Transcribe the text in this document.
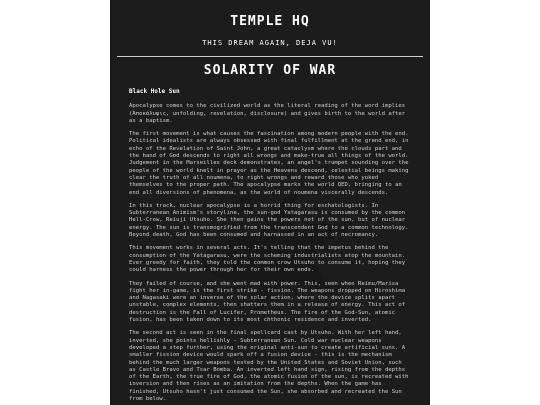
TEMPLE HQ
THIS DREAM AGAIN, DEJA VU!
SOLARITY OF WAR
Black Hole Sun

Apocalypse comes to the civilized world as the literal reading of the word implies (Ἀποκάλυψις, unfolding, revelation, disclosure) and gives birth to the world after as a baptism.

The first movement is what causes the fascination among modern people with the end. Political idealists are always obsessed with final fulfillment at the grand end, in echo of the Revelation of Saint John, a great cataclysm where the clouds part and the hand of God descends to right all wrongs and make-true all things of the world. Judgement in the Marseilles deck demonstrates, an angel's trumpet sounding over the people of the world knelt in prayer as the Heavens descend, celestial beings making clear the truth of all noumena, to right wrongs and reward those who yoked themselves to the proper path. The apocalypse marks the world QED, bringing to an end all diversions of phenomena, as the world of noumena viscerally descends.

In this track, nuclear apocalypse is a horrid thing for eschatologists. In Subterranean Animism's storyline, the sun-god Yatagarasu is consumed by the common Hell-Crow, Reiuji Utsuho. She then gains the powers not of the sun, but of nuclear energy. The sun is transmogrified from the transcendent God to a common technology. Beyond death, God has been consumed and harnassed in an act of necromancy.

This movement works in several acts. It's telling that the impetus behind the consumption of the Yatagarasu, were the scheming industrialists atop the mountain. Ever greedy for faith, they told the common crow Utsuho to consume it, hoping they could harness the power through her for their own ends.

They failed of course, and she went mad with power. This, seen when Reimu/Marisa fight her in-game, is the first strike - fission. The weapons dropped on Hiroshima and Nagasaki were an inverse of the solar action, where the device splits apart unstable, complex elements, then shatters them in a release of energy. This act of destruction is the Fall of Lucifer, Prometheus. The fire of the God-Sun, atomic fusion, has been taken down to its most chthonic residence and inverted.

The second act is seen in the final spellcard cast by Utsuho. With her left hand, inverted, she points hellishly - Subterranean Sun. Cold war nuclear weapons developed a step further, using the original anti-sun to create artificial suns. A smaller fission device would spark off a fusion device - this is the mechanism behind the much larger weapons tested by the United States and Soviet Union, such as Castle Bravo and Tsar Bomba. An inverted left hand sign, rising from the depths of the Earth, the true fire of God, the atomic fusion of the sun, is recreated with inversion and then rises as an imitation from the depths. When the game has finished, Utsuho hasn't just consumed the Sun, she absorbed and recreated the Sun from below.
